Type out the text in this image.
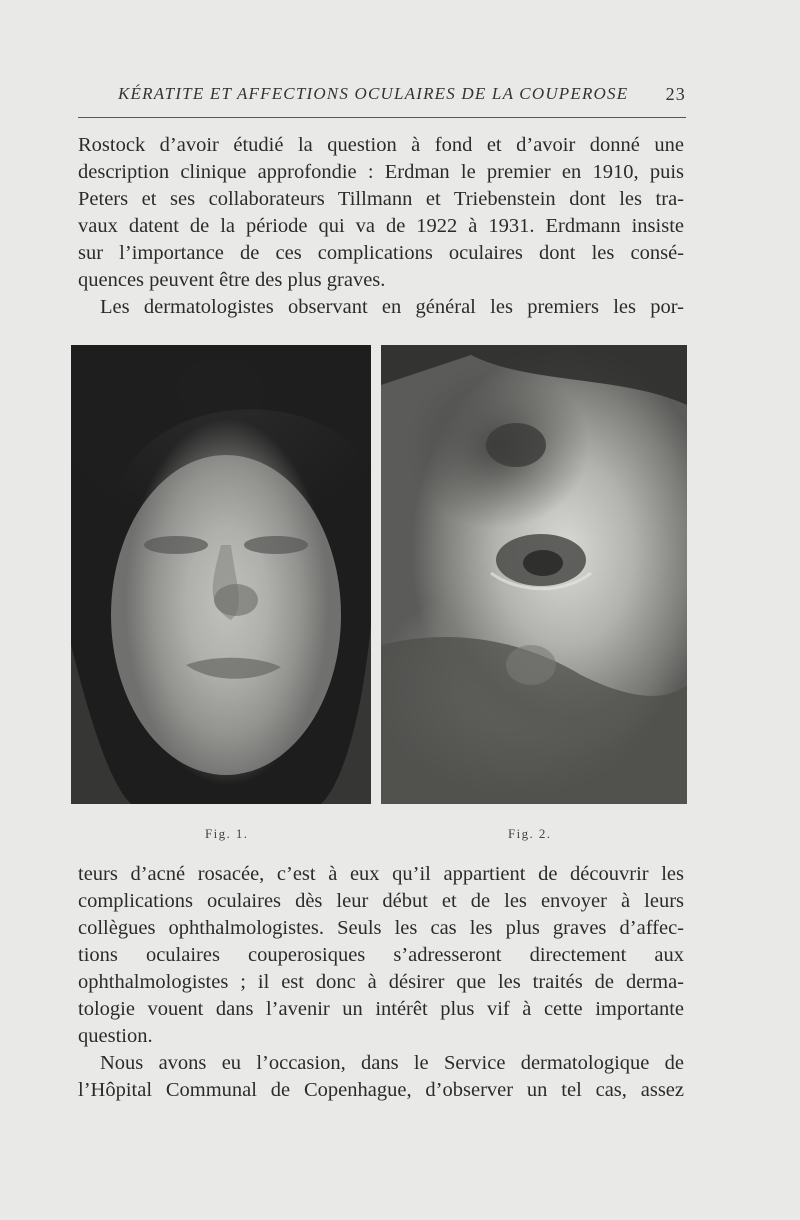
KÉRATITE ET AFFECTIONS OCULAIRES DE LA COUPEROSE 23
Rostock d’avoir étudié la question à fond et d’avoir donné une
description clinique approfondie : Erdman le premier en 1910, puis
Peters et ses collaborateurs Tillmann et Triebenstein dont les tra-
vaux datent de la période qui va de 1922 à 1931. Erdmann insiste
sur l’importance de ces complications oculaires dont les consé-
quences peuvent être des plus graves.
Les dermatologistes observant en général les premiers les por-
Fig. 1.	Fig. 2.
teurs d’acné rosacée, c’est à eux qu’il appartient de découvrir les
complications oculaires dès leur début et de les envoyer à leurs
collègues ophthalmologistes. Seuls les cas les plus graves d’affec-
tions oculaires couperosiques s’adresseront directement aux
ophthalmologistes ; il est donc à désirer que les traités de derma-
tologie vouent dans l’avenir un intérêt plus vif à cette importante
question.
Nous avons eu l’occasion, dans le Service dermatologique de
l’Hôpital Communal de Copenhague, d’observer un tel cas, assez
